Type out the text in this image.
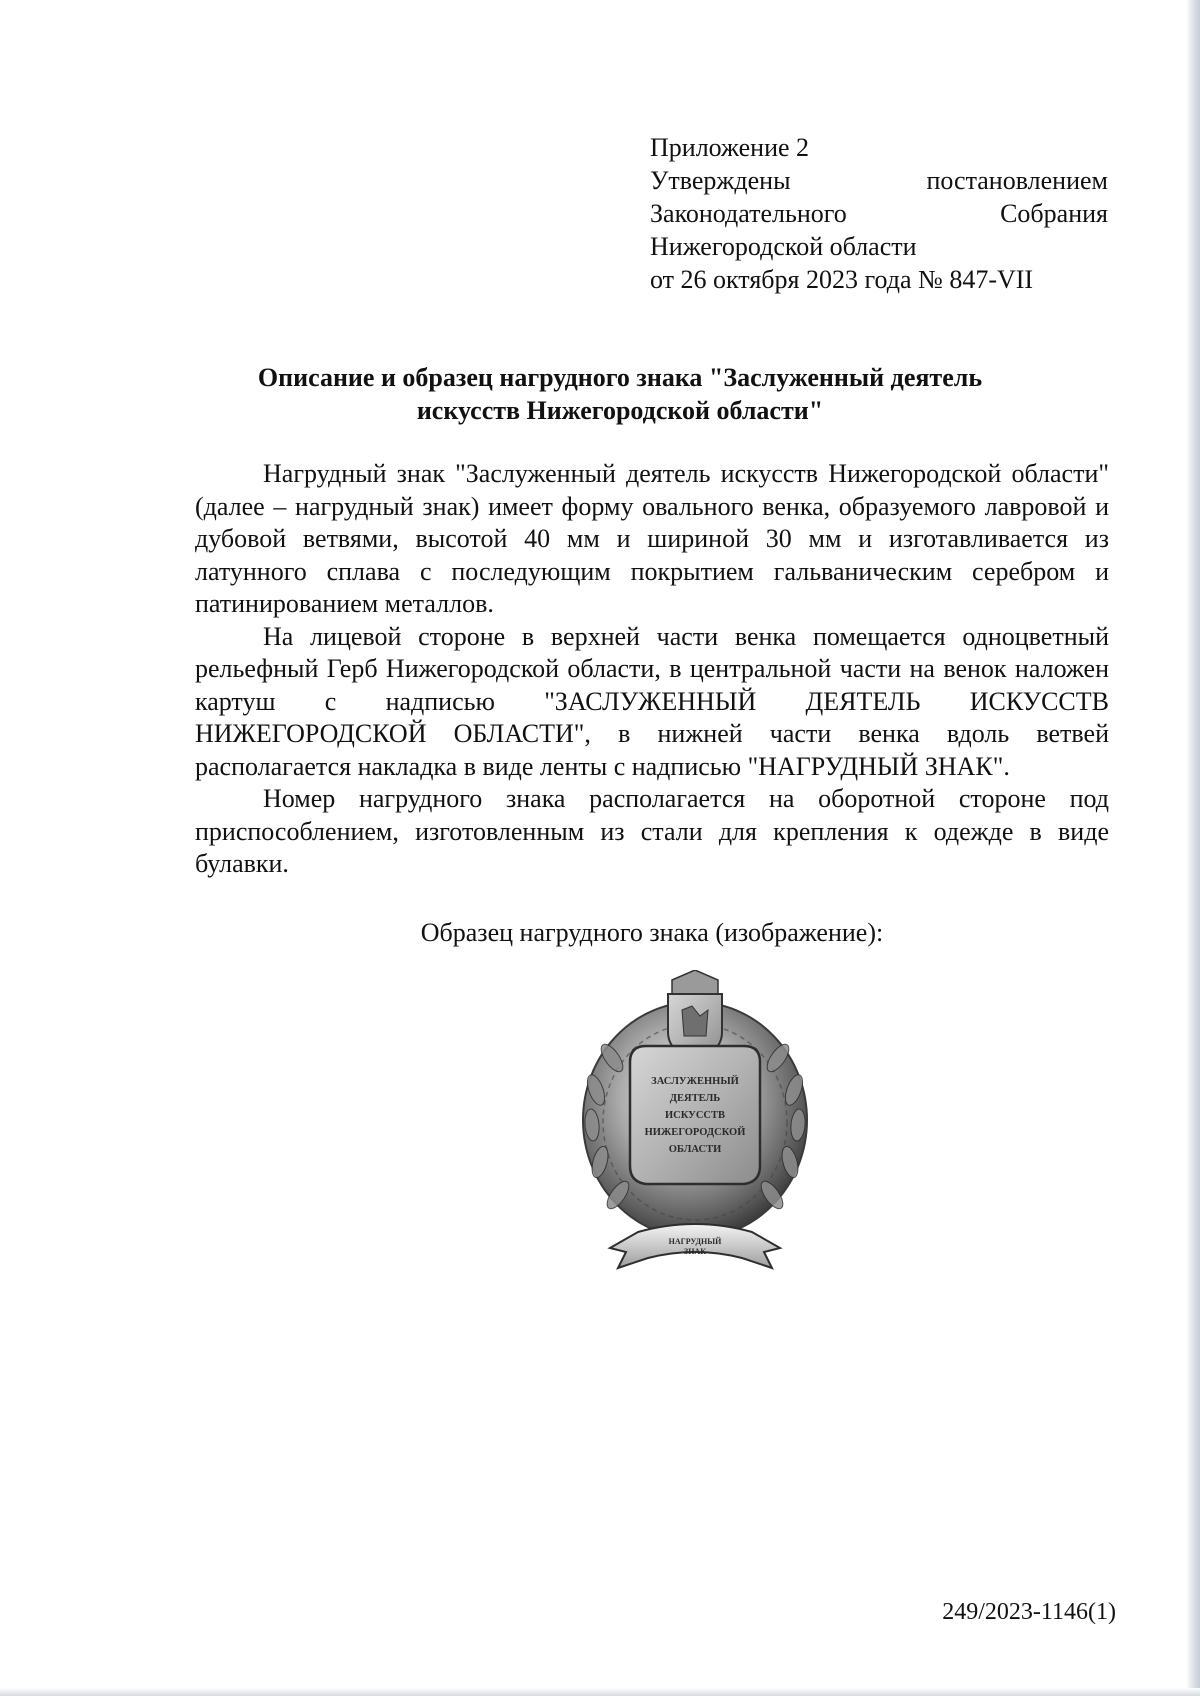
Приложение 2
Утверждены	постановлением
Законодательного	Собрания
Нижегородской области
от 26 октября 2023 года № 847-VII
Описание и образец нагрудного знака "Заслуженный деятель
искусств Нижегородской области"

Нагрудный знак "Заслуженный деятель искусств Нижегородской области" (далее – нагрудный знак) имеет форму овального венка, образуемого лавровой и дубовой ветвями, высотой 40 мм и шириной 30 мм и изготавливается из латунного сплава с последующим покрытием гальваническим серебром и патинированием металлов.

На лицевой стороне в верхней части венка помещается одноцветный рельефный Герб Нижегородской области, в центральной части на венок наложен картуш с надписью "ЗАСЛУЖЕННЫЙ ДЕЯТЕЛЬ ИСКУССТВ НИЖЕГОРОДСКОЙ ОБЛАСТИ", в нижней части венка вдоль ветвей располагается накладка в виде ленты с надписью "НАГРУДНЫЙ ЗНАК".

Номер нагрудного знака располагается на оборотной стороне под приспособлением, изготовленным из стали для крепления к одежде в виде булавки.

Образец нагрудного знака (изображение):
ЗАСЛУЖЕННЫЙ
ДЕЯТЕЛЬ
ИСКУССТВ
НИЖЕГОРОДСКОЙ
ОБЛАСТИ
НАГРУДНЫЙ
ЗНАК
249/2023-1146(1)
